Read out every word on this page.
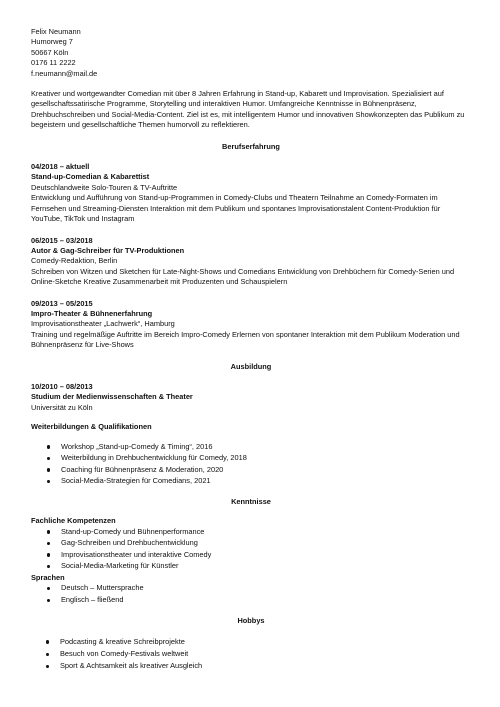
Felix Neumann
Humorweg 7
50667 Köln
0176 11 2222
f.neumann@mail.de

Kreativer und wortgewandter Comedian mit über 8 Jahren Erfahrung in Stand-up, Kabarett und Improvisation. Spezialisiert auf gesellschaftssatirische Programme, Storytelling und interaktiven Humor. Umfangreiche Kenntnisse in Bühnenpräsenz, Drehbuchschreiben und Social-Media-Content. Ziel ist es, mit intelligentem Humor und innovativen Showkonzepten das Publikum zu begeistern und gesellschaftliche Themen humorvoll zu reflektieren.

Berufserfahrung
04/2018 – aktuell
Stand-up-Comedian & Kabarettist
Deutschlandweite Solo-Touren & TV-Auftritte

Entwicklung und Aufführung von Stand-up-Programmen in Comedy-Clubs und Theatern Teilnahme an Comedy-Formaten im Fernsehen und Streaming-Diensten Interaktion mit dem Publikum und spontanes Improvisationstalent Content-Produktion für YouTube, TikTok und Instagram

06/2015 – 03/2018
Autor & Gag-Schreiber für TV-Produktionen
Comedy-Redaktion, Berlin

Schreiben von Witzen und Sketchen für Late-Night-Shows und Comedians Entwicklung von Drehbüchern für Comedy-Serien und Online-Sketche Kreative Zusammenarbeit mit Produzenten und Schauspielern

09/2013 – 05/2015
Impro-Theater & Bühnenerfahrung
Improvisationstheater „Lachwerk“, Hamburg

Training und regelmäßige Auftritte im Bereich Impro-Comedy Erlernen von spontaner Interaktion mit dem Publikum Moderation und Bühnenpräsenz für Live-Shows

Ausbildung
10/2010 – 08/2013
Studium der Medienwissenschaften & Theater
Universität zu Köln
Weiterbildungen & Qualifikationen
Workshop „Stand-up-Comedy & Timing“, 2016
Weiterbildung in Drehbuchentwicklung für Comedy, 2018
Coaching für Bühnenpräsenz & Moderation, 2020
Social-Media-Strategien für Comedians, 2021
Kenntnisse
Fachliche Kompetenzen
Stand-up-Comedy und Bühnenperformance
Gag-Schreiben und Drehbuchentwicklung
Improvisationstheater und interaktive Comedy
Social-Media-Marketing für Künstler
Sprachen
Deutsch – Muttersprache
Englisch – fließend
Hobbys
Podcasting & kreative Schreibprojekte
Besuch von Comedy-Festivals weltweit
Sport & Achtsamkeit als kreativer Ausgleich
